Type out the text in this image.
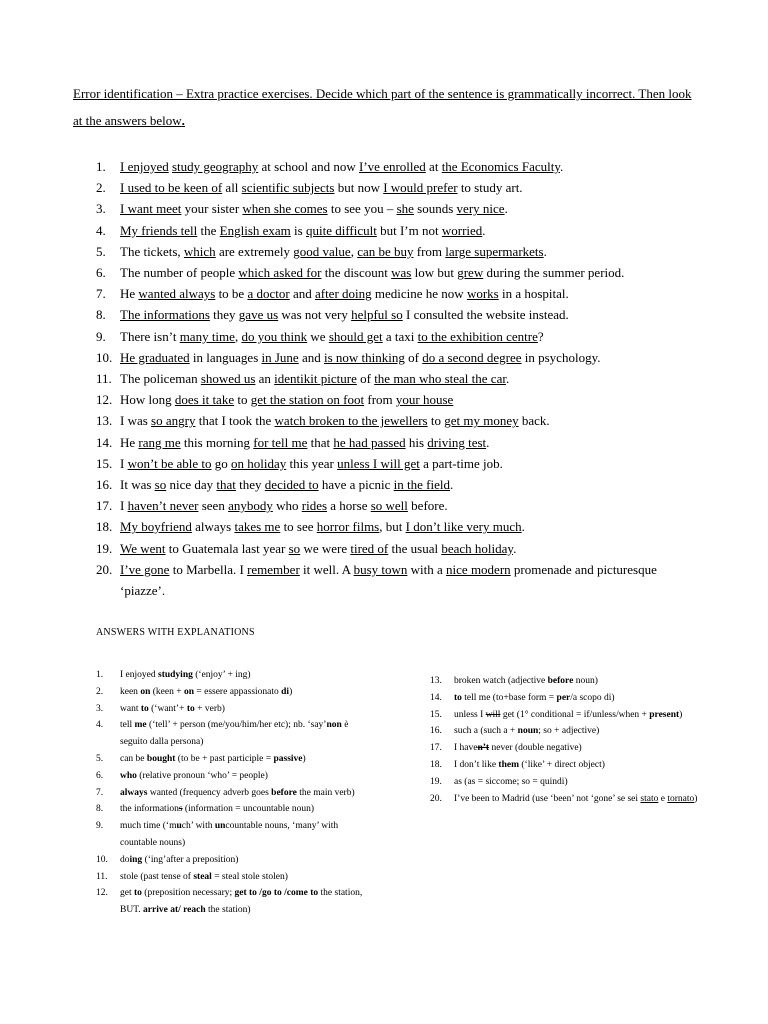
Error identification – Extra practice exercises. Decide which part of the sentence is grammatically incorrect. Then look at the answers below.
1. I enjoyed study geography at school and now I’ve enrolled at the Economics Faculty.
2. I used to be keen of all scientific subjects but now I would prefer to study art.
3. I want meet your sister when she comes to see you – she sounds very nice.
4. My friends tell the English exam is quite difficult but I’m not worried.
5. The tickets, which are extremely good value, can be buy from large supermarkets.
6. The number of people which asked for the discount was low but grew during the summer period.
7. He wanted always to be a doctor and after doing medicine he now works in a hospital.
8. The informations they gave us was not very helpful so I consulted the website instead.
9. There isn’t many time, do you think we should get a taxi to the exhibition centre?
10. He graduated in languages in June and is now thinking of do a second degree in psychology.
11. The policeman showed us an identikit picture of the man who steal the car.
12. How long does it take to get the station on foot from your house
13. I was so angry that I took the watch broken to the jewellers to get my money back.
14. He rang me this morning for tell me that he had passed his driving test.
15. I won’t be able to go on holiday this year unless I will get a part-time job.
16. It was so nice day that they decided to have a picnic in the field.
17. I haven’t never seen anybody who rides a horse so well before.
18. My boyfriend always takes me to see horror films, but I don’t like very much.
19. We went to Guatemala last year so we were tired of the usual beach holiday.
20. I’ve gone to Marbella. I remember it well. A busy town with a nice modern promenade and picturesque ‘piazze’.
ANSWERS WITH EXPLANATIONS
1. I enjoyed studying (‘enjoy’ + ing)
2. keen on (keen + on = essere appassionato di)
3. want to (‘want’+ to + verb)
4. tell me (‘tell’ + person (me/you/him/her etc); nb. ‘say’non è seguito dalla persona)
5. can be bought (to be + past participle = passive)
6. who (relative pronoun ‘who’ = people)
7. always wanted (frequency adverb goes before the main verb)
8. the informations (information = uncountable noun)
9. much time (‘much’ with uncountable nouns, ‘many’ with countable nouns)
10. doing (‘ing’after a preposition)
11. stole (past tense of steal = steal stole stolen)
12. get to (preposition necessary; get to /go to /come to the station, BUT. arrive at/ reach the station)
13. broken watch (adjective before noun)
14. to tell me (to+base form = per/a scopo di)
15. unless I will get (1° conditional = if/unless/when + present)
16. such a (such a + noun; so + adjective)
17. I haven’t never (double negative)
18. I don’t like them (‘like’ + direct object)
19. as (as = siccome; so = quindi)
20. I’ve been to Madrid (use ‘been’ not ‘gone’ se sei stato e tornato)
